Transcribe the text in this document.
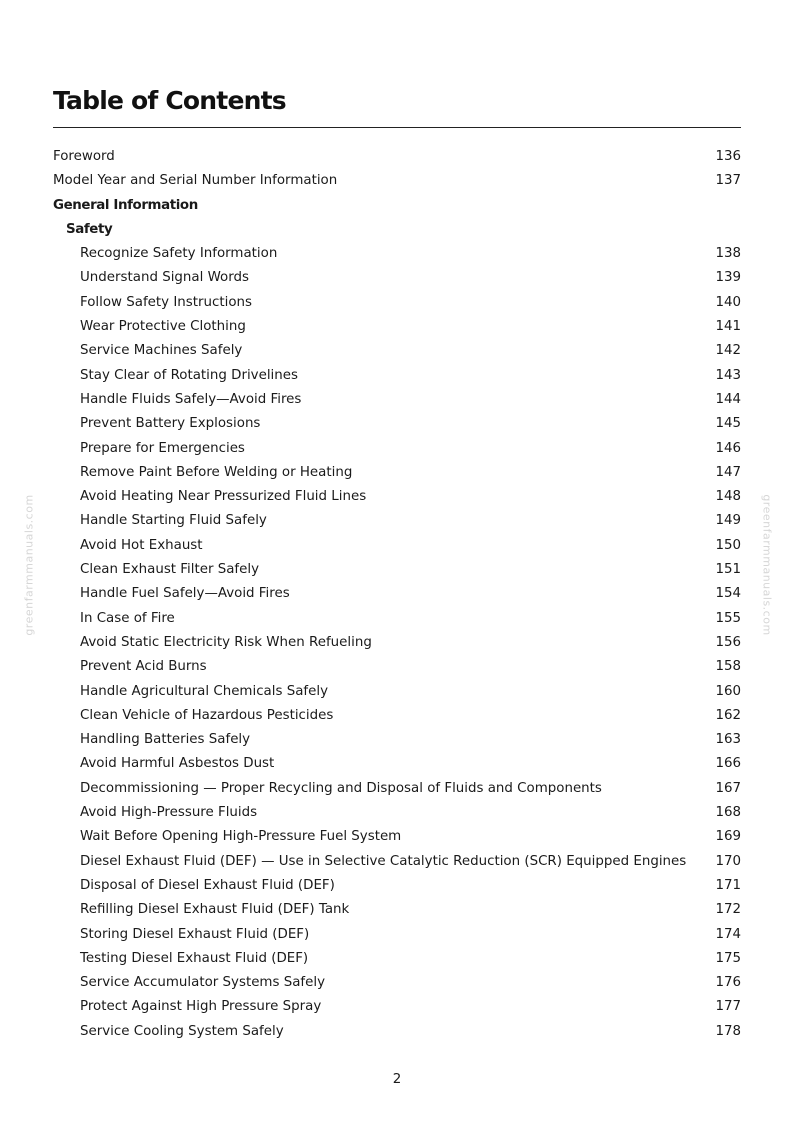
Table of Contents
Foreword	136
Model Year and Serial Number Information	137
General Information
Safety
Recognize Safety Information	138
Understand Signal Words	139
Follow Safety Instructions	140
Wear Protective Clothing	141
Service Machines Safely	142
Stay Clear of Rotating Drivelines	143
Handle Fluids Safely—Avoid Fires	144
Prevent Battery Explosions	145
Prepare for Emergencies	146
Remove Paint Before Welding or Heating	147
Avoid Heating Near Pressurized Fluid Lines	148
Handle Starting Fluid Safely	149
Avoid Hot Exhaust	150
Clean Exhaust Filter Safely	151
Handle Fuel Safely—Avoid Fires	154
In Case of Fire	155
Avoid Static Electricity Risk When Refueling	156
Prevent Acid Burns	158
Handle Agricultural Chemicals Safely	160
Clean Vehicle of Hazardous Pesticides	162
Handling Batteries Safely	163
Avoid Harmful Asbestos Dust	166
Decommissioning — Proper Recycling and Disposal of Fluids and Components	167
Avoid High-Pressure Fluids	168
Wait Before Opening High-Pressure Fuel System	169
Diesel Exhaust Fluid (DEF) — Use in Selective Catalytic Reduction (SCR) Equipped Engines 170
Disposal of Diesel Exhaust Fluid (DEF)	171
Refilling Diesel Exhaust Fluid (DEF) Tank	172
Storing Diesel Exhaust Fluid (DEF)	174
Testing Diesel Exhaust Fluid (DEF)	175
Service Accumulator Systems Safely	176
Protect Against High Pressure Spray	177
Service Cooling System Safely	178
2
greenfarmmanuals.com	greenfarmmanuals.com
